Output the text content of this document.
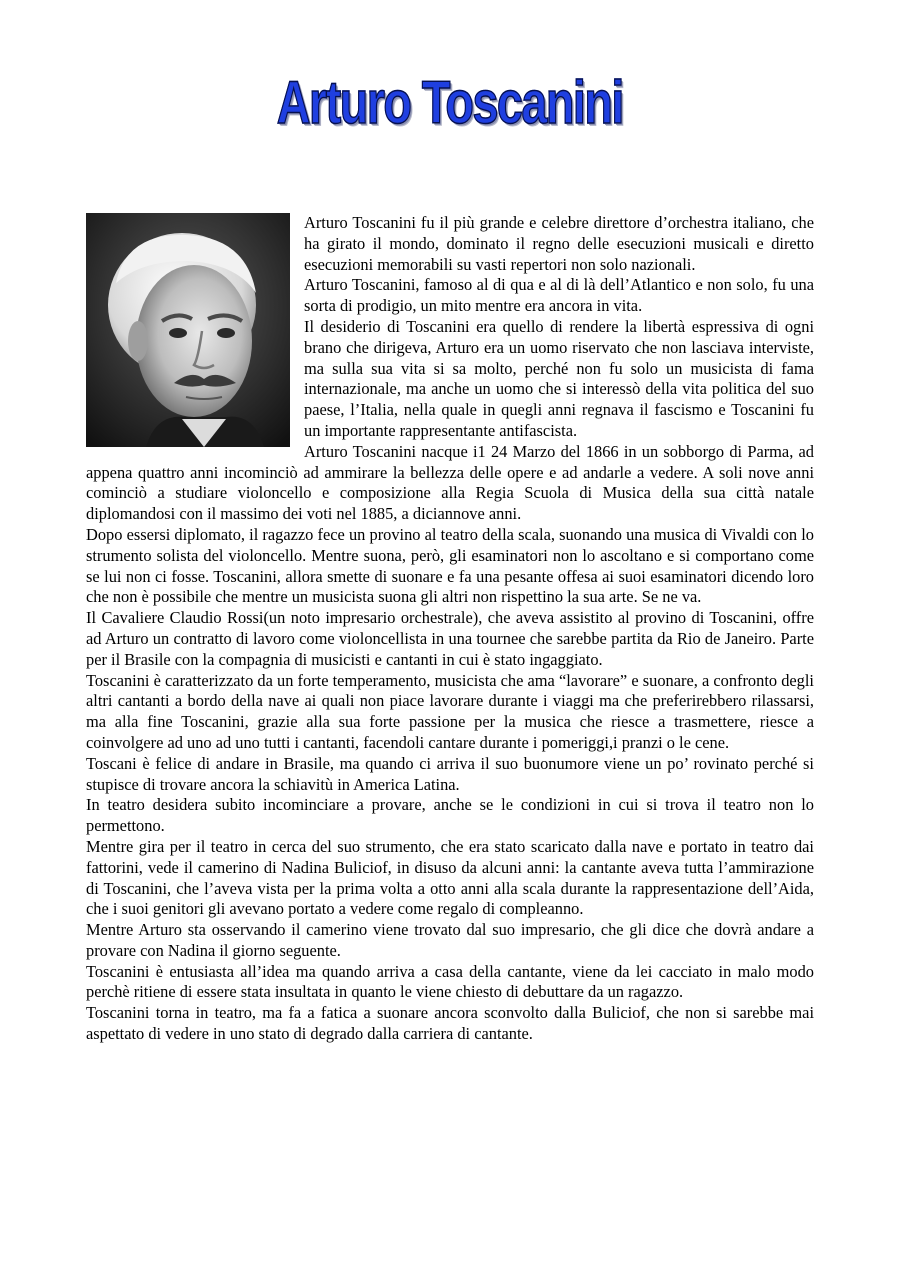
Arturo Toscanini

Arturo Toscanini fu il più grande e celebre direttore d’orchestra italiano, che ha girato il mondo, dominato il regno delle esecuzioni musicali e diretto esecuzioni memorabili su vasti repertori non solo nazionali.

Arturo Toscanini, famoso al di qua e al di là dell’Atlantico e non solo, fu una sorta di prodigio, un mito mentre era ancora in vita.

Il desiderio di Toscanini era quello di rendere la libertà espressiva di ogni brano che dirigeva, Arturo era un uomo riservato che non lasciava interviste, ma sulla sua vita si sa molto, perché non fu solo un musicista di fama internazionale, ma anche un uomo che si interessò della vita politica del suo paese, l’Italia, nella quale in quegli anni regnava il fascismo e Toscanini fu un importante rappresentante antifascista.

Arturo Toscanini nacque i1 24 Marzo del 1866 in un sobborgo di Parma, ad appena quattro anni incominciò ad ammirare la bellezza delle opere e ad andarle a vedere. A soli nove anni cominciò a studiare violoncello e composizione alla Regia Scuola di Musica della sua città natale diplomandosi con il massimo dei voti nel 1885, a diciannove anni.

Dopo essersi diplomato, il ragazzo fece un provino al teatro della scala, suonando una musica di Vivaldi con lo strumento solista del violoncello. Mentre suona, però, gli esaminatori non lo ascoltano e si comportano come se lui non ci fosse. Toscanini, allora smette di suonare e fa una pesante offesa ai suoi esaminatori dicendo loro che non è possibile che mentre un musicista suona gli altri non rispettino la sua arte. Se ne va.

Il Cavaliere Claudio Rossi(un noto impresario orchestrale), che aveva assistito al provino di Toscanini, offre ad Arturo un contratto di lavoro come violoncellista in una tournee che sarebbe partita da Rio de Janeiro. Parte per il Brasile con la compagnia di musicisti e cantanti in cui è stato ingaggiato.

Toscanini è caratterizzato da un forte temperamento, musicista che ama “lavorare” e suonare, a confronto degli altri cantanti a bordo della nave ai quali non piace lavorare durante i viaggi ma che preferirebbero rilassarsi, ma alla fine Toscanini, grazie alla sua forte passione per la musica che riesce a trasmettere, riesce a coinvolgere ad uno ad uno tutti i cantanti, facendoli cantare durante i pomeriggi,i pranzi o le cene.

Toscani è felice di andare in Brasile, ma quando ci arriva il suo buonumore viene un po’ rovinato perché si stupisce di trovare ancora la schiavitù in America Latina.

In teatro desidera subito incominciare a provare, anche se le condizioni in cui si trova il teatro non lo permettono.

Mentre gira per il teatro in cerca del suo strumento, che era stato scaricato dalla nave e portato in teatro dai fattorini, vede il camerino di Nadina Buliciof, in disuso da alcuni anni: la cantante aveva tutta l’ammirazione di Toscanini, che l’aveva vista per la prima volta a otto anni alla scala durante la rappresentazione dell’Aida, che i suoi genitori gli avevano portato a vedere come regalo di compleanno.

Mentre Arturo sta osservando il camerino viene trovato dal suo impresario, che gli dice che dovrà andare a provare con Nadina il giorno seguente.

Toscanini è entusiasta all’idea ma quando arriva a casa della cantante, viene da lei cacciato in malo modo perchè ritiene di essere stata insultata in quanto le viene chiesto di debuttare da un ragazzo.

Toscanini torna in teatro, ma fa a fatica a suonare ancora sconvolto dalla Buliciof, che non si sarebbe mai aspettato di vedere in uno stato di degrado dalla carriera di cantante.
